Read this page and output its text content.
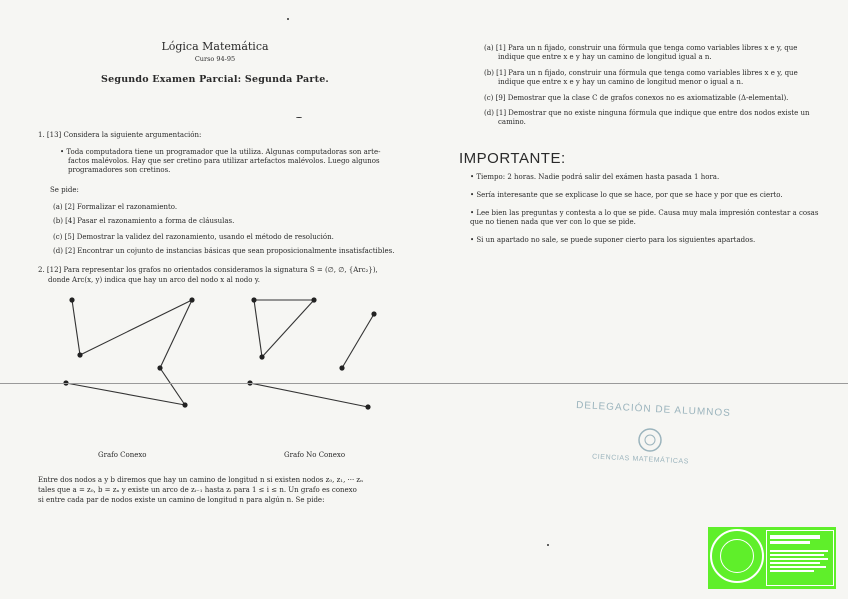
Lógica Matemática
Curso 94-95
Segundo Examen Parcial: Segunda Parte.
1. [13] Considera la siguiente argumentación:
• Toda computadora tiene un programador que la utiliza. Algunas computadoras son arte-
factos malévolos. Hay que ser cretino para utilizar artefactos malévolos. Luego algunos
programadores son cretinos.
Se pide:
(a) [2] Formalizar el razonamiento.
(b) [4] Pasar el razonamiento a forma de cláusulas.
(c) [5] Demostrar la validez del razonamiento, usando el método de resolución.
(d) [2] Encontrar un cojunto de instancias básicas que sean proposicionalmente insatisfactibles.
2. [12] Para representar los grafos no orientados consideramos la signatura S = (∅, ∅, {Arc₂}),
donde Arc(x, y) indica que hay un arco del nodo x al nodo y.
Grafo Conexo	Grafo No Conexo
Entre dos nodos a y b diremos que hay un camino de longitud n si existen nodos z₀, z₁, ··· zₙ
tales que a = z₀, b = zₙ y existe un arco de zᵢ₋₁ hasta zᵢ para 1 ≤ i ≤ n. Un grafo es conexo
si entre cada par de nodos existe un camino de longitud n para algún n. Se pide:
(a) [1] Para un n fijado, construir una fórmula que tenga como variables libres x e y, que
indique que entre x e y hay un camino de longitud igual a n.
(b) [1] Para un n fijado, construir una fórmula que tenga como variables libres x e y, que
indique que entre x e y hay un camino de longitud menor o igual a n.
(c) [9] Demostrar que la clase C de grafos conexos no es axiomatizable (Δ-elemental).
(d) [1] Demostrar que no existe ninguna fórmula que indique que entre dos nodos existe un
camino.
IMPORTANTE:
• Tiempo: 2 horas. Nadie podrá salir del exámen hasta pasada 1 hora.
• Sería interesante que se explicase lo que se hace, por que se hace y por que es cierto.
• Lee bien las preguntas y contesta a lo que se pide. Causa muy mala impresión contestar a cosas
que no tienen nada que ver con lo que se pide.
• Si un apartado no sale, se puede suponer cierto para los siguientes apartados.
DELEGACIÓN DE ALUMNOS
CIENCIAS MATEMÁTICAS
